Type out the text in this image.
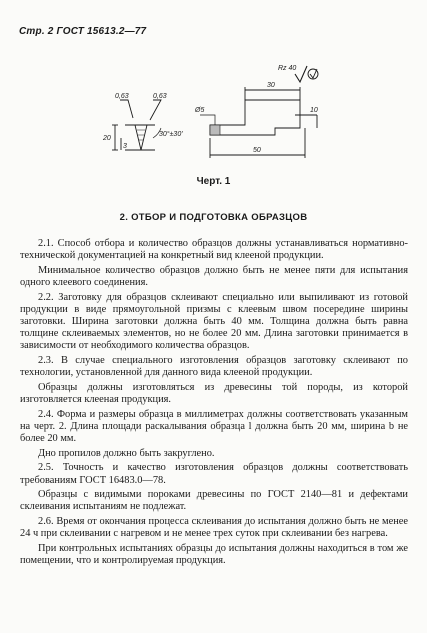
Стр. 2 ГОСТ 15613.2—77
Rz 40
0,63	0,63
20
3
30°±30′
Ø5
30
10
50
Черт. 1
2. ОТБОР И ПОДГОТОВКА ОБРАЗЦОВ

2.1. Способ отбора и количество образцов должны устанавливаться нормативно-технической документацией на конкретный вид клееной продукции.

Минимальное количество образцов должно быть не менее пяти для испытания одного клеевого соединения.

2.2. Заготовку для образцов склеивают специально или выпиливают из готовой продукции в виде прямоугольной призмы с клеевым швом посередине ширины заготовки. Ширина заготовки должна быть 40 мм. Толщина должна быть равна толщине склеиваемых элементов, но не более 20 мм. Длина заготовки принимается в зависимости от необходимого количества образцов.

2.3. В случае специального изготовления образцов заготовку склеивают по технологии, установленной для данного вида клееной продукции.

Образцы должны изготовляться из древесины той породы, из которой изготовляется клееная продукция.

2.4. Форма и размеры образца в миллиметрах должны соответствовать указанным на черт. 2. Длина площади раскалывания образца l должна быть 20 мм, ширина b не более 20 мм.

Дно пропилов должно быть закруглено.

2.5. Точность и качество изготовления образцов должны соответствовать требованиям ГОСТ 16483.0—78.

Образцы с видимыми пороками древесины по ГОСТ 2140—81 и дефектами склеивания испытаниям не подлежат.

2.6. Время от окончания процесса склеивания до испытания должно быть не менее 24 ч при склеивании с нагревом и не менее трех суток при склеивании без нагрева.

При контрольных испытаниях образцы до испытания должны находиться в том же помещении, что и контролируемая продукция.
